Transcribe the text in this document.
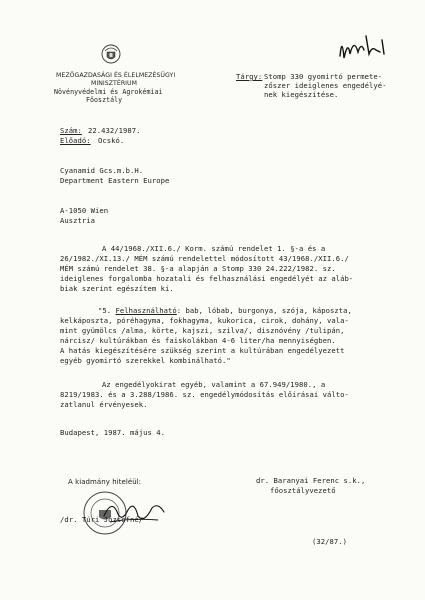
MEZŐGAZDASÁGI ÉS ÉLELMEZÉSÜGYI
MINISZTÉRIUM
Növényvédelmi és Agrokémiai
Főosztály
Tárgy: Stomp 330 gyomirtó permete-
zőszer ideiglenes engedélyé-
nek kiegészítése.
Szám: 22.432/1987.
Előadó: Ocskó.
Cyanamid Gcs.m.b.H.
Department Eastern Europe
A-1050 Wien
Ausztria
A 44/1968./XII.6./ Korm. számú rendelet 1. §-a és a
26/1982./XI.13./ MÉM számú rendelettel módosított 43/1968./XII.6./
MÉM számú rendelet 38. §-a alapján a Stomp 330 24.222/1982. sz.
ideiglenes forgalomba hozatali és felhasználási engedélyét az aláb-
biak szerint egészítem ki.
"5. Felhasználható: bab, lóbab, burgonya, szója, káposzta,
kelkáposzta, póréhagyma, fokhagyma, kukorica, cirok, dohány, vala-
mint gyümölcs /alma, körte, kajszi, szilva/, disznóvény /tulipán,
nárcisz/ kultúrákban és faiskolákban 4-6 liter/ha mennyiségben.
A hatás kiegészítésére szükség szerint a kultúrában engedélyezett
egyéb gyomirtó szerekkel kombinálható."
Az engedélyokirat egyéb, valamint a 67.949/1980., a
8219/1983. és a 3.288/1986. sz. engedélymódosítás előírásai válto-
zatlanul érvényesek.
Budapest, 1987. május 4.
dr. Baranyai Ferenc s.k.,
főosztályvezető
A kiadmány hiteléül:
/dr. Túri Józsefné/
(32/87.)
